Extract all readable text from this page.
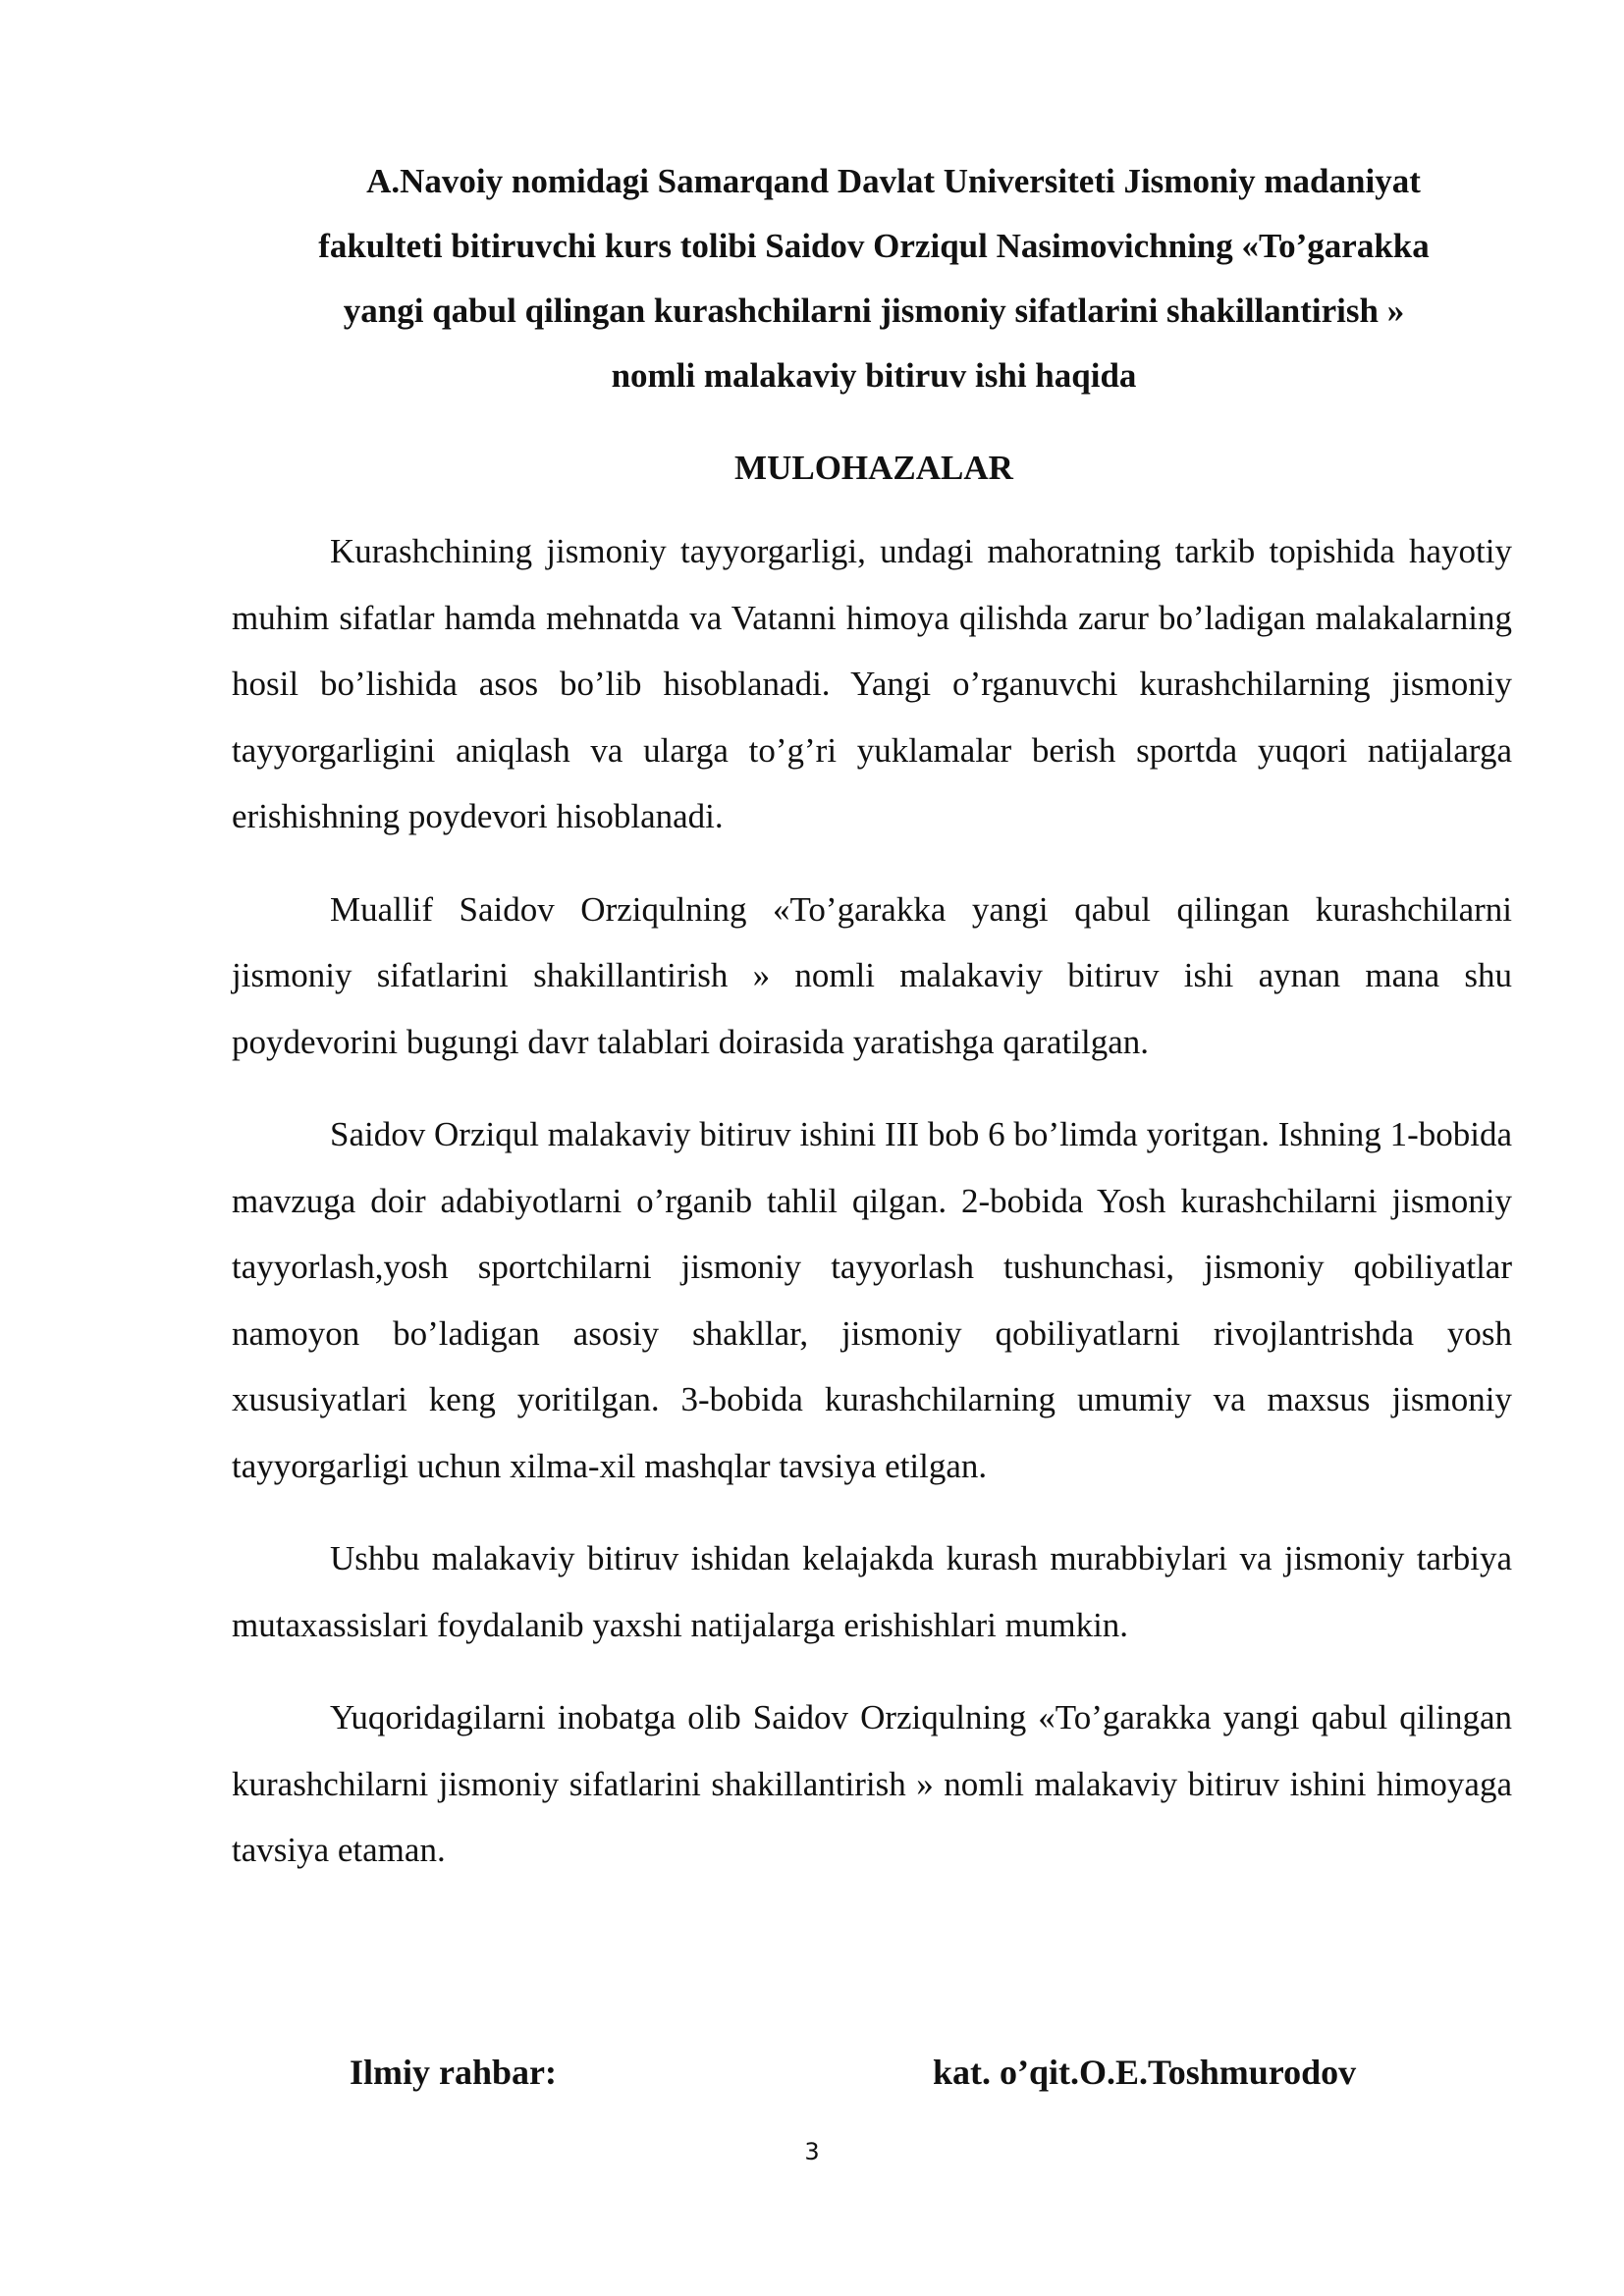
A.Navoiy nomidagi Samarqand Davlat Universiteti Jismoniy madaniyat
fakulteti bitiruvchi kurs tolibi Saidov Orziqul Nasimovichning «To’garakka
yangi qabul qilingan kurashchilarni jismoniy sifatlarini shakillantirish »
nomli malakaviy bitiruv ishi haqida
MULOHAZALAR

Kurashchining jismoniy tayyorgarligi, undagi mahoratning tarkib topishida hayotiy muhim sifatlar hamda mehnatda va Vatanni himoya qilishda zarur bo’ladigan malakalarning hosil bo’lishida asos bo’lib hisoblanadi. Yangi o’rganuvchi kurashchilarning jismoniy tayyorgarligini aniqlash va ularga to’g’ri yuklamalar berish sportda yuqori natijalarga erishishning poydevori hisoblanadi.

Muallif Saidov Orziqulning «To’garakka yangi qabul qilingan kurashchilarni jismoniy sifatlarini shakillantirish » nomli malakaviy bitiruv ishi aynan mana shu poydevorini bugungi davr talablari doirasida yaratishga qaratilgan.

Saidov Orziqul malakaviy bitiruv ishini III bob 6 bo’limda yoritgan. Ishning 1-bobida mavzuga doir adabiyotlarni o’rganib tahlil qilgan. 2-bobida Yosh kurashchilarni jismoniy tayyorlash,yosh sportchilarni jismoniy tayyorlash tushunchasi, jismoniy qobiliyatlar namoyon bo’ladigan asosiy shakllar, jismoniy qobiliyatlarni rivojlantrishda yosh xususiyatlari keng yoritilgan. 3-bobida kurashchilarning umumiy va maxsus jismoniy tayyorgarligi uchun xilma-xil mashqlar tavsiya etilgan.

Ushbu malakaviy bitiruv ishidan kelajakda kurash murabbiylari va jismoniy tarbiya mutaxassislari foydalanib yaxshi natijalarga erishishlari mumkin.

Yuqoridagilarni inobatga olib Saidov Orziqulning «To’garakka yangi qabul qilingan kurashchilarni jismoniy sifatlarini shakillantirish » nomli malakaviy bitiruv ishini himoyaga tavsiya etaman.

Ilmiy rahbar:	kat. o’qit.O.E.Toshmurodov
3
